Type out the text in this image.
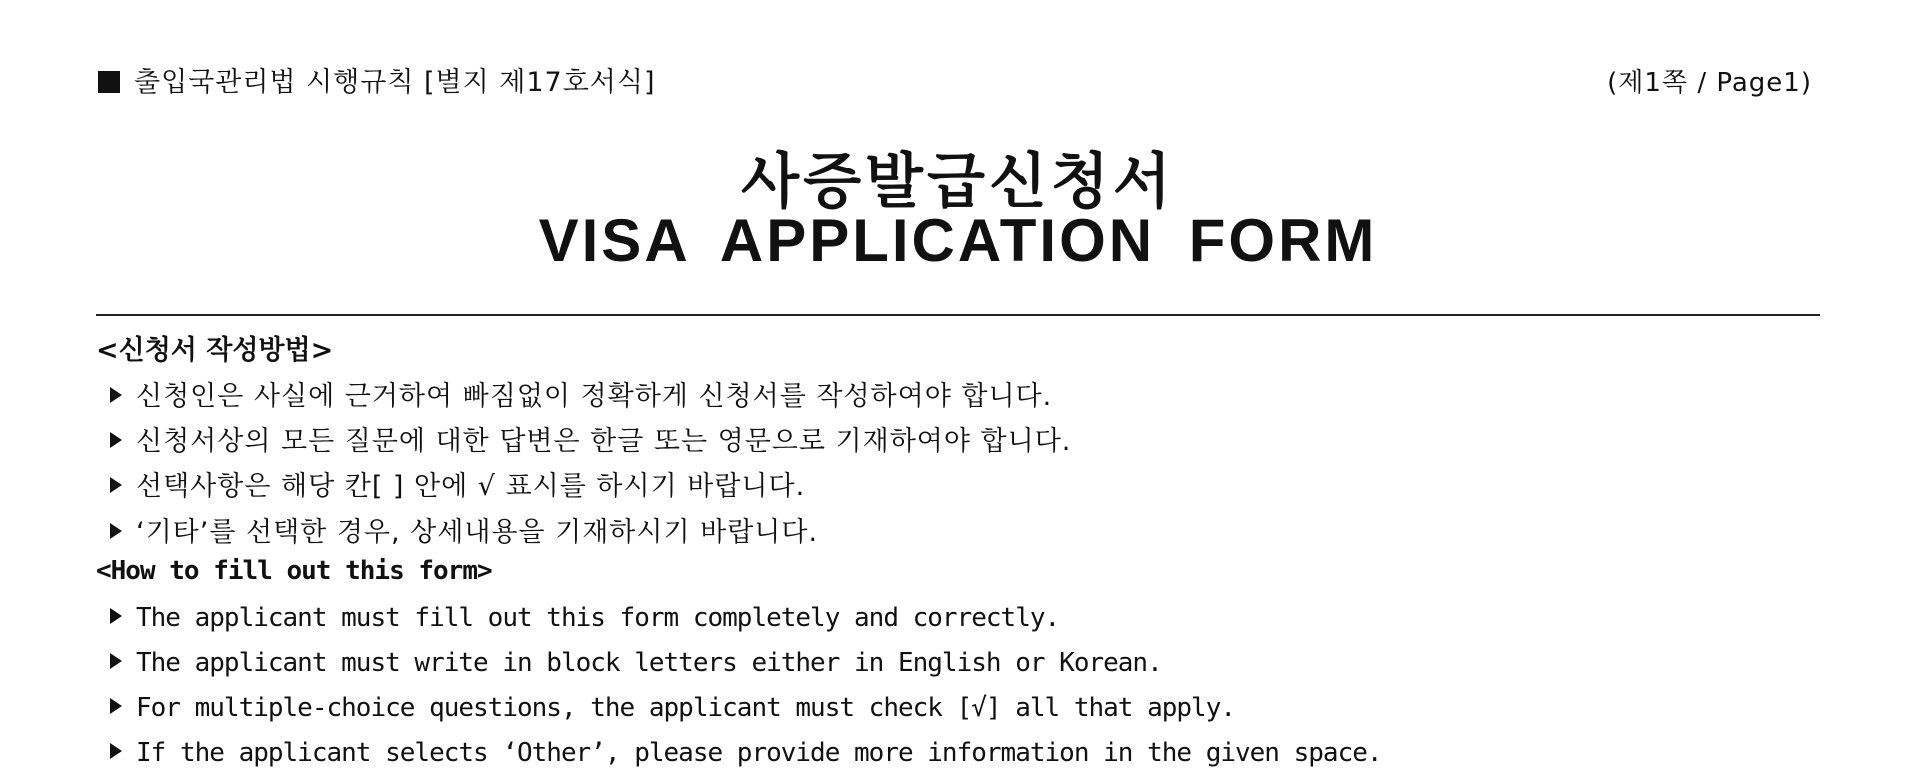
출입국관리법 시행규칙 [별지 제17호서식]	(제1쪽 / Page1)
사증발급신청서
VISA APPLICATION FORM
<신청서 작성방법>
신청인은 사실에 근거하여 빠짐없이 정확하게 신청서를 작성하여야 합니다.
신청서상의 모든 질문에 대한 답변은 한글 또는 영문으로 기재하여야 합니다.
선택사항은 해당 칸[ ] 안에 √ 표시를 하시기 바랍니다.
‘기타’를 선택한 경우, 상세내용을 기재하시기 바랍니다.
<How to fill out this form>
The applicant must fill out this form completely and correctly.
The applicant must write in block letters either in English or Korean.
For multiple-choice questions, the applicant must check [√] all that apply.
If the applicant selects ‘Other’, please provide more information in the given space.
